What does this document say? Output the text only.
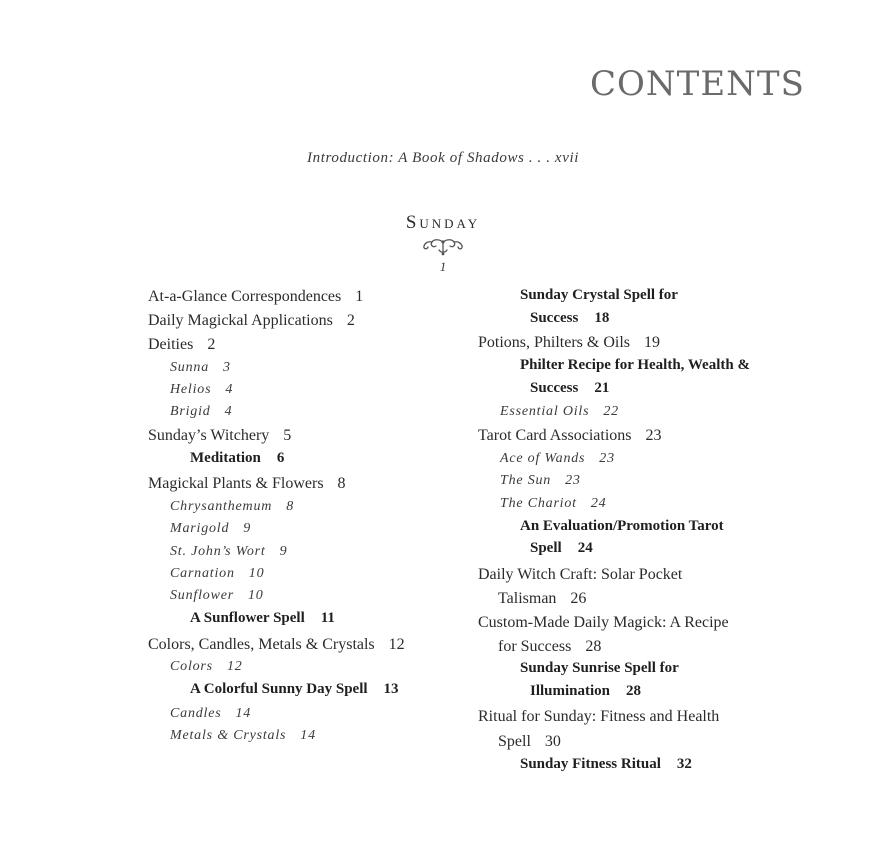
CONTENTS
Introduction: A Book of Shadows . . . xvii
Sunday
1
At-a-Glance Correspondences 1
Daily Magickal Applications 2
Deities 2
Sunna 3
Helios 4
Brigid 4
Sunday’s Witchery 5
Meditation 6
Magickal Plants & Flowers 8
Chrysanthemum 8
Marigold 9
St. John’s Wort 9
Carnation 10
Sunflower 10
A Sunflower Spell 11
Colors, Candles, Metals & Crystals 12
Colors 12
A Colorful Sunny Day Spell 13
Candles 14
Metals & Crystals 14
Sunday Crystal Spell for
Success 18
Potions, Philters & Oils 19
Philter Recipe for Health, Wealth &
Success 21
Essential Oils 22
Tarot Card Associations 23
Ace of Wands 23
The Sun 23
The Chariot 24
An Evaluation/Promotion Tarot
Spell 24
Daily Witch Craft: Solar Pocket
Talisman 26
Custom-Made Daily Magick: A Recipe
for Success 28
Sunday Sunrise Spell for
Illumination 28
Ritual for Sunday: Fitness and Health
Spell 30
Sunday Fitness Ritual 32
